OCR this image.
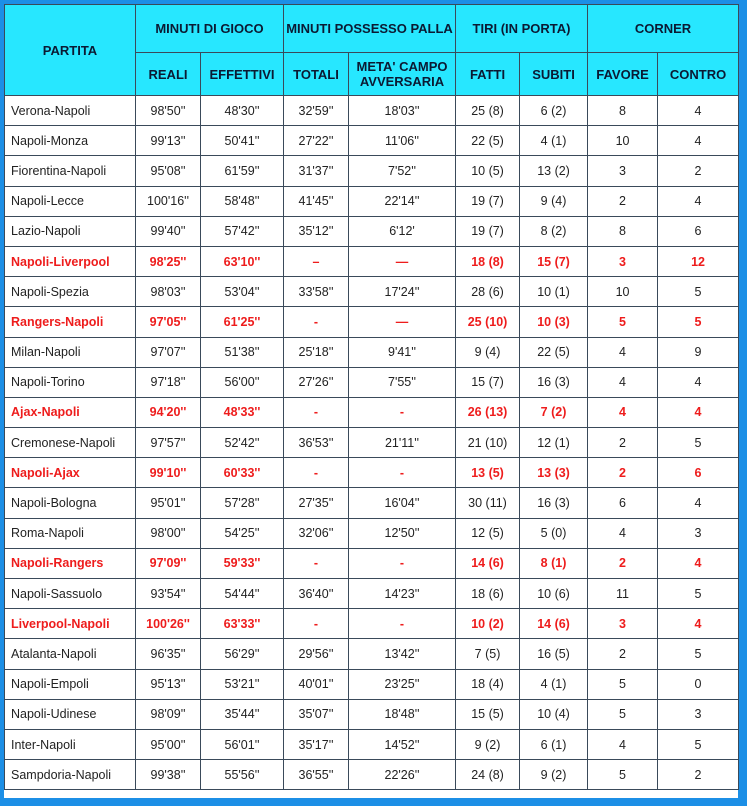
PARTITA	MINUTI DI GIOCO		MINUTI POSSESSO PALLA		TIRI (IN PORTA)		CORNER	
	REALI	EFFETTIVI	TOTALI	META' CAMPO AVVERSARIA	FATTI	SUBITI	FAVORE	CONTRO
Verona-Napoli	98'50''	48'30''	32'59''	18'03''	25 (8)	6 (2)	8	4
Napoli-Monza	99'13''	50'41''	27'22''	11'06''	22 (5)	4 (1)	10	4
Fiorentina-Napoli	95'08''	61'59''	31'37''	7'52''	10 (5)	13 (2)	3	2
Napoli-Lecce	100'16''	58'48''	41'45''	22'14''	19 (7)	9 (4)	2	4
Lazio-Napoli	99'40''	57'42''	35'12''	6'12'	19 (7)	8 (2)	8	6
Napoli-Liverpool	98'25''	63'10''	–	—	18 (8)	15 (7)	3	12
Napoli-Spezia	98'03''	53'04''	33'58''	17'24''	28 (6)	10 (1)	10	5
Rangers-Napoli	97'05''	61'25''	-	—	25 (10)	10 (3)	5	5
Milan-Napoli	97'07''	51'38''	25'18''	9'41''	9 (4)	22 (5)	4	9
Napoli-Torino	97'18''	56'00''	27'26''	7'55''	15 (7)	16 (3)	4	4
Ajax-Napoli	94'20''	48'33''	-	-	26 (13)	7 (2)	4	4
Cremonese-Napoli	97'57''	52'42''	36'53''	21'11''	21 (10)	12 (1)	2	5
Napoli-Ajax	99'10''	60'33''	-	-	13 (5)	13 (3)	2	6
Napoli-Bologna	95'01''	57'28''	27'35''	16'04''	30 (11)	16 (3)	6	4
Roma-Napoli	98'00''	54'25''	32'06''	12'50''	12 (5)	5 (0)	4	3
Napoli-Rangers	97'09''	59'33''	-	-	14 (6)	8 (1)	2	4
Napoli-Sassuolo	93'54''	54'44''	36'40''	14'23''	18 (6)	10 (6)	11	5
Liverpool-Napoli	100'26''	63'33''	-	-	10 (2)	14 (6)	3	4
Atalanta-Napoli	96'35''	56'29''	29'56''	13'42''	7 (5)	16 (5)	2	5
Napoli-Empoli	95'13''	53'21''	40'01''	23'25''	18 (4)	4 (1)	5	0
Napoli-Udinese	98'09''	35'44''	35'07''	18'48''	15 (5)	10 (4)	5	3
Inter-Napoli	95'00''	56'01''	35'17''	14'52''	9 (2)	6 (1)	4	5
Sampdoria-Napoli	99'38''	55'56''	36'55''	22'26''	24 (8)	9 (2)	5	2
